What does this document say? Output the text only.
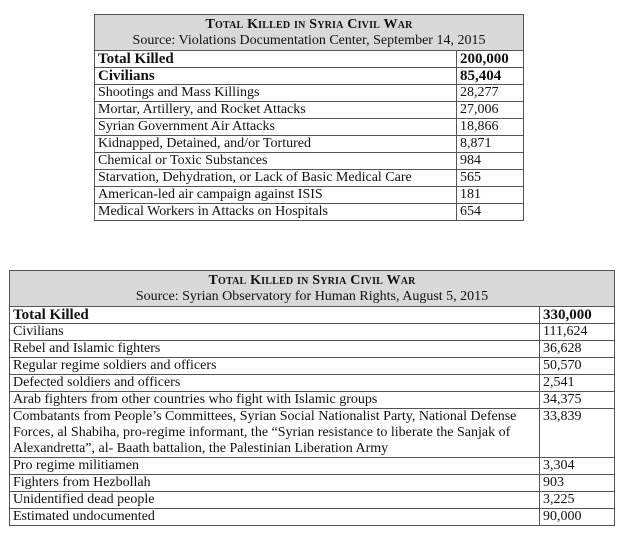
Total Killed in Syria Civil War
Source: Violations Documentation Center, September 14, 2015	

Total Killed	200,000
Civilians	85,404
Shootings and Mass Killings	28,277
Mortar, Artillery, and Rocket Attacks	27,006
Syrian Government Air Attacks	18,866
Kidnapped, Detained, and/or Tortured	8,871
Chemical or Toxic Substances	984
Starvation, Dehydration, or Lack of Basic Medical Care	565
American-led air campaign against ISIS	181
Medical Workers in Attacks on Hospitals	654
Total Killed in Syria Civil War
Source: Syrian Observatory for Human Rights, August 5, 2015	

Total Killed	330,000
Civilians	111,624
Rebel and Islamic fighters	36,628
Regular regime soldiers and officers	50,570
Defected soldiers and officers	2,541
Arab fighters from other countries who fight with Islamic groups	34,375
Combatants from People’s Committees, Syrian Social Nationalist Party, National Defense Forces, al Shabiha, pro-regime informant, the “Syrian resistance to liberate the Sanjak of Alexandretta”, al- Baath battalion, the Palestinian Liberation Army	33,839
Pro regime militiamen	3,304
Fighters from Hezbollah	903
Unidentified dead people	3,225
Estimated undocumented	90,000
